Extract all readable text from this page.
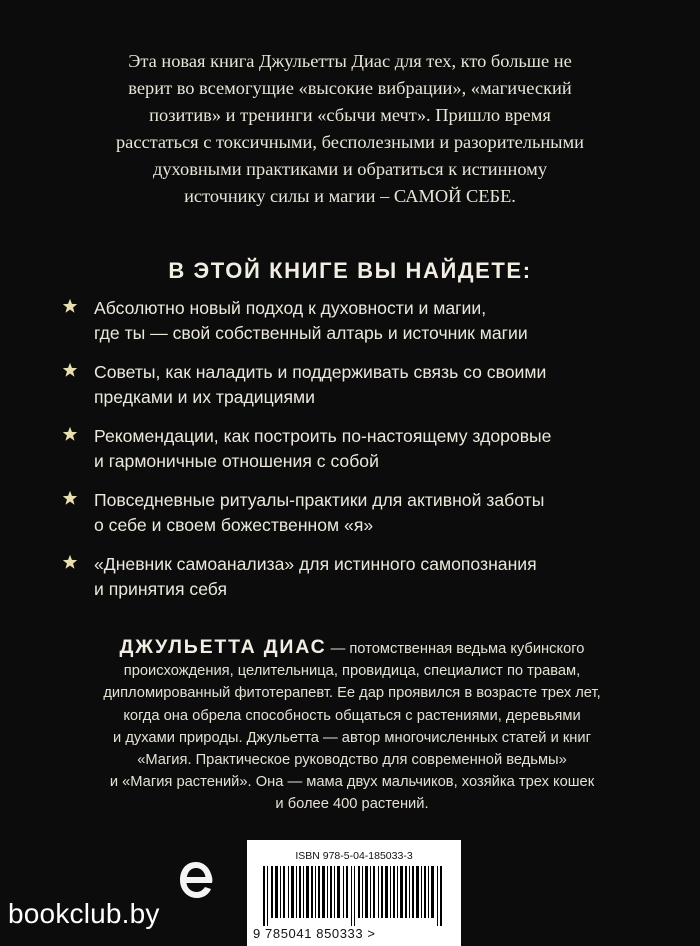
Эта новая книга Джульетты Диас для тех, кто больше не
верит во всемогущие «высокие вибрации», «магический
позитив» и тренинги «сбычи мечт». Пришло время
расстаться с токсичными, бесполезными и разорительными
духовными практиками и обратиться к истинному
источнику силы и магии – САМОЙ СЕБЕ.
В ЭТОЙ КНИГЕ ВЫ НАЙДЕТЕ:
Абсолютно новый подход к духовности и магии,
где ты — свой собственный алтарь и источник магии
Советы, как наладить и поддерживать связь со своими
предками и их традициями
Рекомендации, как построить по-настоящему здоровые
и гармоничные отношения с собой
Повседневные ритуалы-практики для активной заботы
о себе и своем божественном «я»
«Дневник самоанализа» для истинного самопознания
и принятия себя
ДЖУЛЬЕТТА ДИАС — потомственная ведьма кубинского
происхождения, целительница, провидица, специалист по травам,
дипломированный фитотерапевт. Ее дар проявился в возрасте трех лет,
когда она обрела способность общаться с растениями, деревьями
и духами природы. Джульетта — автор многочисленных статей и книг
«Магия. Практическое руководство для современной ведьмы»
и «Магия растений». Она — мама двух мальчиков, хозяйка трех кошек
и более 400 растений.
ISBN 978-5-04-185033-3
9 785041 850333 >
bookclub.by
